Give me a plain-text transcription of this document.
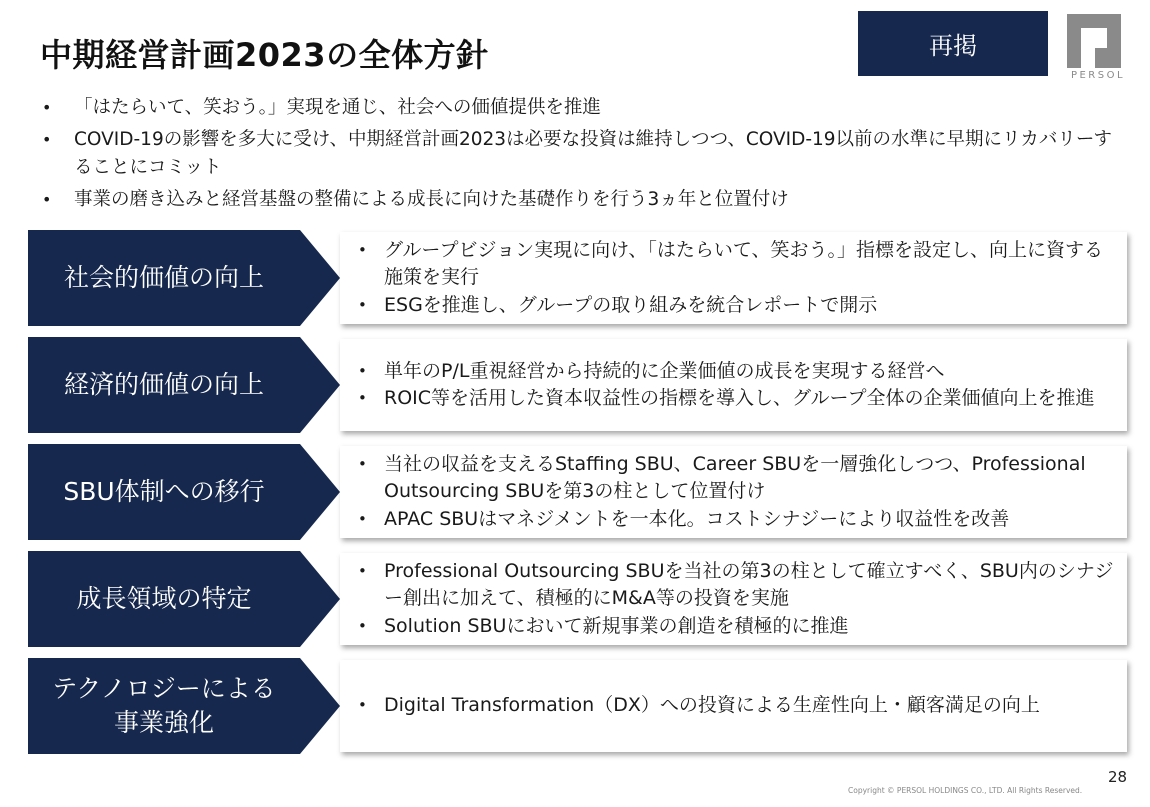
中期経営計画2023の全体方針	再掲
PERSOL
• 「はたらいて、笑おう。」実現を通じ、社会への価値提供を推進
• COVID-19の影響を多大に受け、中期経営計画2023は必要な投資は維持しつつ、COVID-19以前の水準に早期にリカバリーすることにコミット
• 事業の磨き込みと経営基盤の整備による成長に向けた基礎作りを行う3ヵ年と位置付け
社会的価値の向上
• グループビジョン実現に向け、「はたらいて、笑おう。」指標を設定し、向上に資する施策を実行
• ESGを推進し、グループの取り組みを統合レポートで開示
経済的価値の向上
•	単年のP/L重視経営から持続的に企業価値の成長を実現する経営へ
• ROIC等を活用した資本収益性の指標を導入し、グループ全体の企業価値向上を推進
SBU体制への移行
• 当社の収益を支えるStaffing SBU、Career SBUを一層強化しつつ、Professional　Outsourcing SBUを第3の柱として位置付け
• APAC SBUはマネジメントを一本化。コストシナジーにより収益性を改善
成長領域の特定
• Professional Outsourcing SBUを当社の第3の柱として確立すべく、SBU内のシナジー創出に加えて、積極的にM&A等の投資を実施
• Solution SBUにおいて新規事業の創造を積極的に推進
テクノロジーによる
事業強化
• Digital Transformation（DX）への投資による生産性向上・顧客満足の向上
Copyright © PERSOL HOLDINGS CO., LTD. All Rights Reserved.
28
